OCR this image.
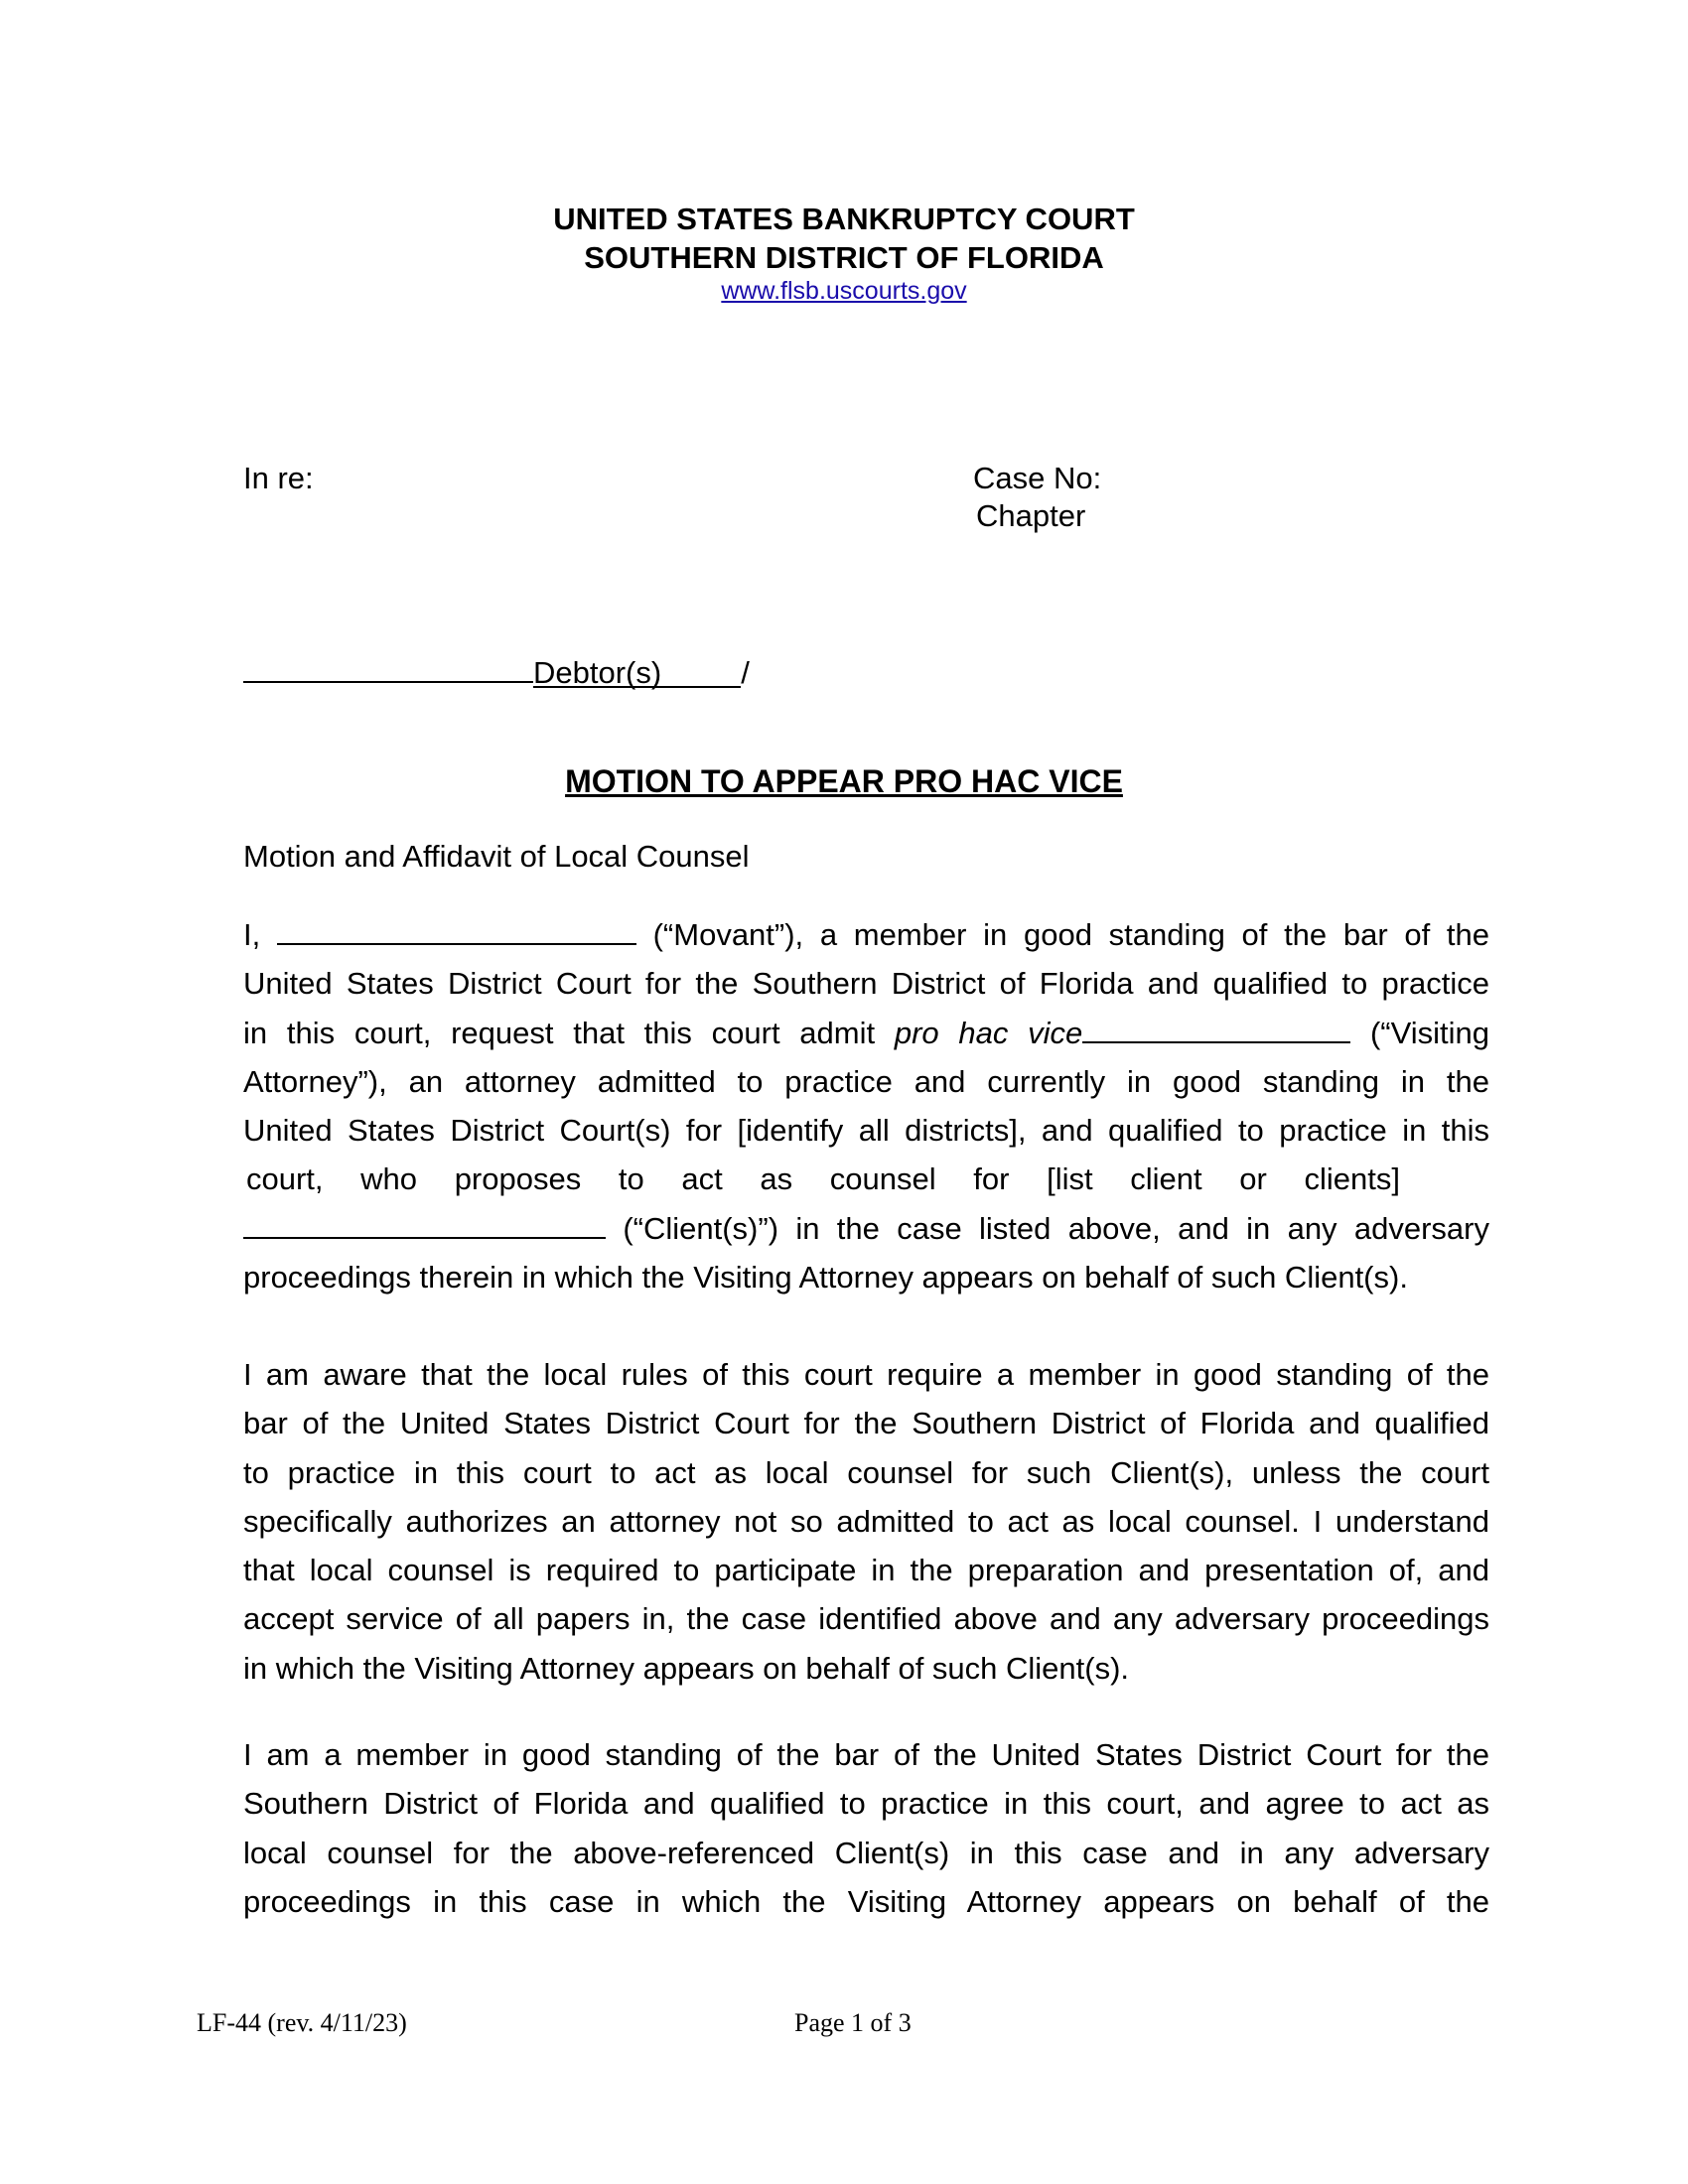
UNITED STATES BANKRUPTCY COURT
SOUTHERN DISTRICT OF FLORIDA
www.flsb.uscourts.gov
In re:	Case No:
Chapter
Debtor(s)	/
MOTION TO APPEAR PRO HAC VICE
Motion and Affidavit of Local Counsel
I,	(“Movant”), a member in good standing of the bar of the
United States District Court for the Southern District of Florida and qualified to practice
in this court, request that this court admit pro hac vice	(“Visiting
Attorney”), an attorney admitted to practice and currently in good standing in the
United States District Court(s) for [identify all districts], and qualified to practice in this
court, who proposes to act as counsel for [list client or clients]
(“Client(s)”) in the case listed above, and in any adversary
proceedings therein in which the Visiting Attorney appears on behalf of such Client(s).
I am aware that the local rules of this court require a member in good standing of the
bar of the United States District Court for the Southern District of Florida and qualified
to practice in this court to act as local counsel for such Client(s), unless the court
specifically authorizes an attorney not so admitted to act as local counsel. I understand
that local counsel is required to participate in the preparation and presentation of, and
accept service of all papers in, the case identified above and any adversary proceedings
in which the Visiting Attorney appears on behalf of such Client(s).
I am a member in good standing of the bar of the United States District Court for the
Southern District of Florida and qualified to practice in this court, and agree to act as
local counsel for the above-referenced Client(s) in this case and in any adversary
proceedings in this case in which the Visiting Attorney appears on behalf of the
LF-44 (rev. 4/11/23)	Page 1 of 3
